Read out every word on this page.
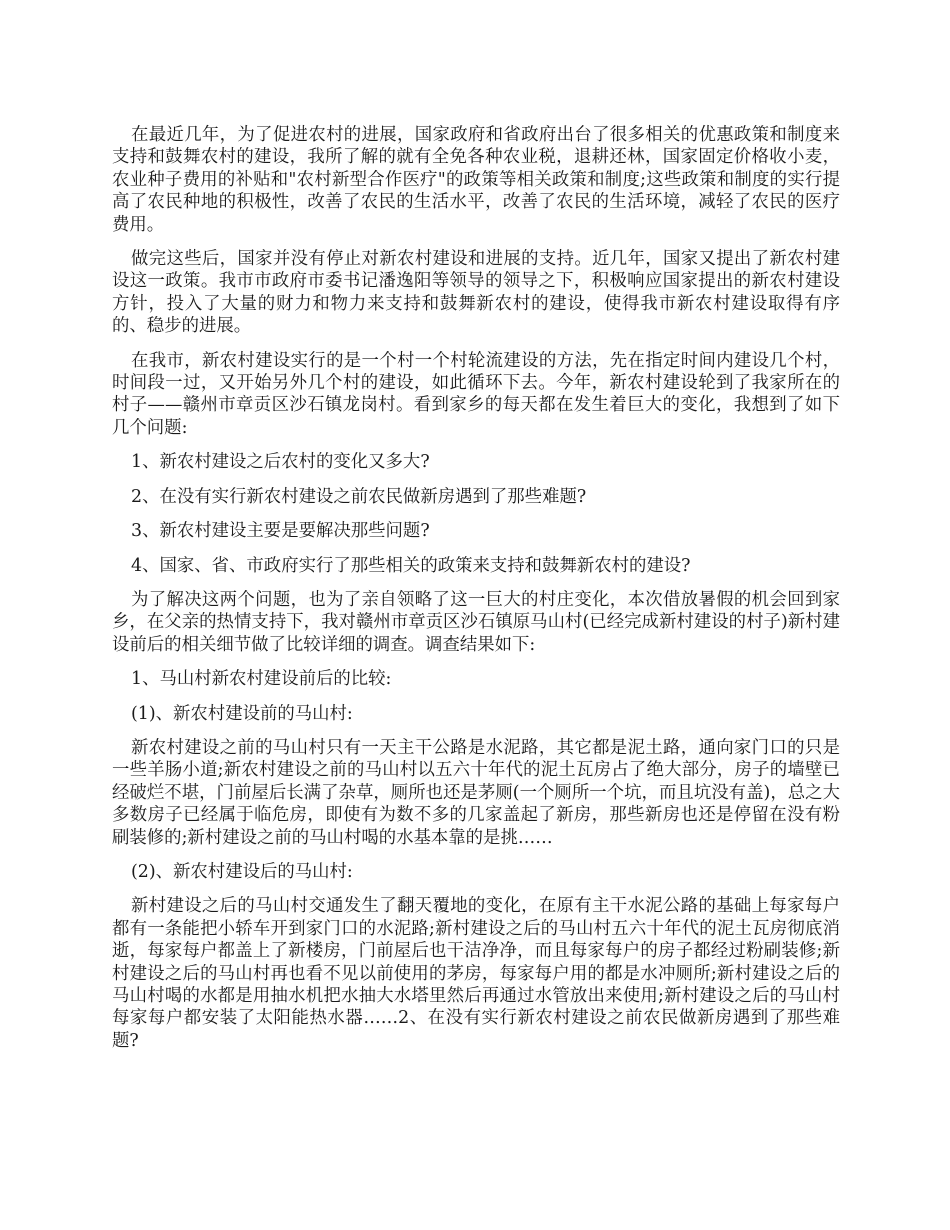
在最近几年，为了促进农村的进展，国家政府和省政府出台了很多相关的优惠政策和制度来支持和鼓舞农村的建设，我所了解的就有全免各种农业税，退耕还林，国家固定价格收小麦，农业种子费用的补贴和"农村新型合作医疗"的政策等相关政策和制度;这些政策和制度的实行提高了农民种地的积极性，改善了农民的生活水平，改善了农民的生活环境，减轻了农民的医疗费用。

做完这些后，国家并没有停止对新农村建设和进展的支持。近几年，国家又提出了新农村建设这一政策。我市市政府市委书记潘逸阳等领导的领导之下，积极响应国家提出的新农村建设方针，投入了大量的财力和物力来支持和鼓舞新农村的建设，使得我市新农村建设取得有序的、稳步的进展。

在我市，新农村建设实行的是一个村一个村轮流建设的方法，先在指定时间内建设几个村，时间段一过，又开始另外几个村的建设，如此循环下去。今年，新农村建设轮到了我家所在的村子——赣州市章贡区沙石镇龙岗村。看到家乡的每天都在发生着巨大的变化，我想到了如下几个问题:

1、新农村建设之后农村的变化又多大?

2、在没有实行新农村建设之前农民做新房遇到了那些难题?

3、新农村建设主要是要解决那些问题?

4、国家、省、市政府实行了那些相关的政策来支持和鼓舞新农村的建设?

为了解决这两个问题，也为了亲自领略了这一巨大的村庄变化，本次借放暑假的机会回到家乡，在父亲的热情支持下，我对赣州市章贡区沙石镇原马山村(已经完成新村建设的村子)新村建设前后的相关细节做了比较详细的调查。调查结果如下:

1、马山村新农村建设前后的比较:

(1)、新农村建设前的马山村:

新农村建设之前的马山村只有一天主干公路是水泥路，其它都是泥土路，通向家门口的只是一些羊肠小道;新农村建设之前的马山村以五六十年代的泥土瓦房占了绝大部分，房子的墙壁已经破烂不堪，门前屋后长满了杂草，厕所也还是茅厕(一个厕所一个坑，而且坑没有盖)，总之大多数房子已经属于临危房，即使有为数不多的几家盖起了新房，那些新房也还是停留在没有粉刷装修的;新村建设之前的马山村喝的水基本靠的是挑……

(2)、新农村建设后的马山村:

新村建设之后的马山村交通发生了翻天覆地的变化，在原有主干水泥公路的基础上每家每户都有一条能把小轿车开到家门口的水泥路;新村建设之后的马山村五六十年代的泥土瓦房彻底消逝，每家每户都盖上了新楼房，门前屋后也干洁净净，而且每家每户的房子都经过粉刷装修;新村建设之后的马山村再也看不见以前使用的茅房，每家每户用的都是水冲厕所;新村建设之后的马山村喝的水都是用抽水机把水抽大水塔里然后再通过水管放出来使用;新村建设之后的马山村每家每户都安装了太阳能热水器……2、在没有实行新农村建设之前农民做新房遇到了那些难题?
